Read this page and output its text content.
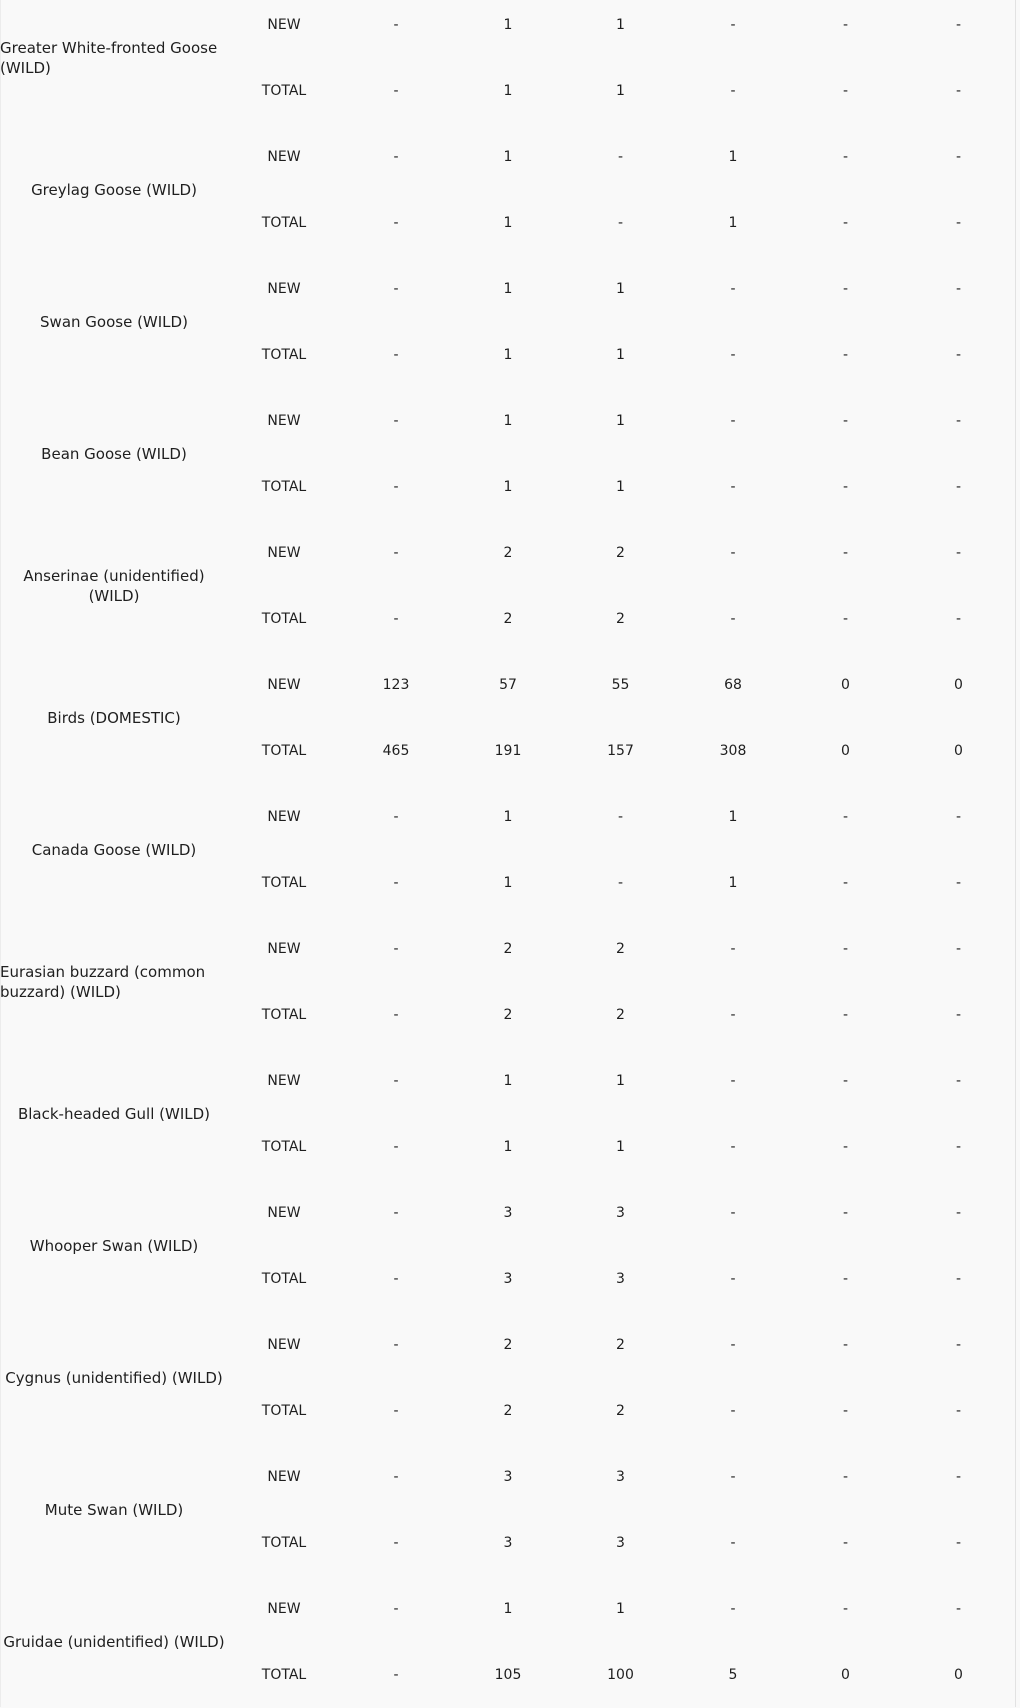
Greater White-fronted Goose (WILD)
NEW	-	1	1	-	-	-
TOTAL	-	1	1	-	-	-
Greylag Goose (WILD)
NEW	-	1	-	1	-	-
TOTAL	-	1	-	1	-	-
Swan Goose (WILD)
NEW	-	1	1	-	-	-
TOTAL	-	1	1	-	-	-
Bean Goose (WILD)
NEW	-	1	1	-	-	-
TOTAL	-	1	1	-	-	-
Anserinae (unidentified) (WILD)
NEW	-	2	2	-	-	-
TOTAL	-	2	2	-	-	-
Birds (DOMESTIC)
NEW	123	57	55	68	0	0
TOTAL	465	191	157	308	0	0
Canada Goose (WILD)
NEW	-	1	-	1	-	-
TOTAL	-	1	-	1	-	-
Eurasian buzzard (common buzzard) (WILD)
NEW	-	2	2	-	-	-
TOTAL	-	2	2	-	-	-
Black-headed Gull (WILD)
NEW	-	1	1	-	-	-
TOTAL	-	1	1	-	-	-
Whooper Swan (WILD)
NEW	-	3	3	-	-	-
TOTAL	-	3	3	-	-	-
Cygnus (unidentified) (WILD)
NEW	-	2	2	-	-	-
TOTAL	-	2	2	-	-	-
Mute Swan (WILD)
NEW	-	3	3	-	-	-
TOTAL	-	3	3	-	-	-
Gruidae (unidentified) (WILD)
NEW	-	1	1	-	-	-
TOTAL	-	105	100	5	0	0
